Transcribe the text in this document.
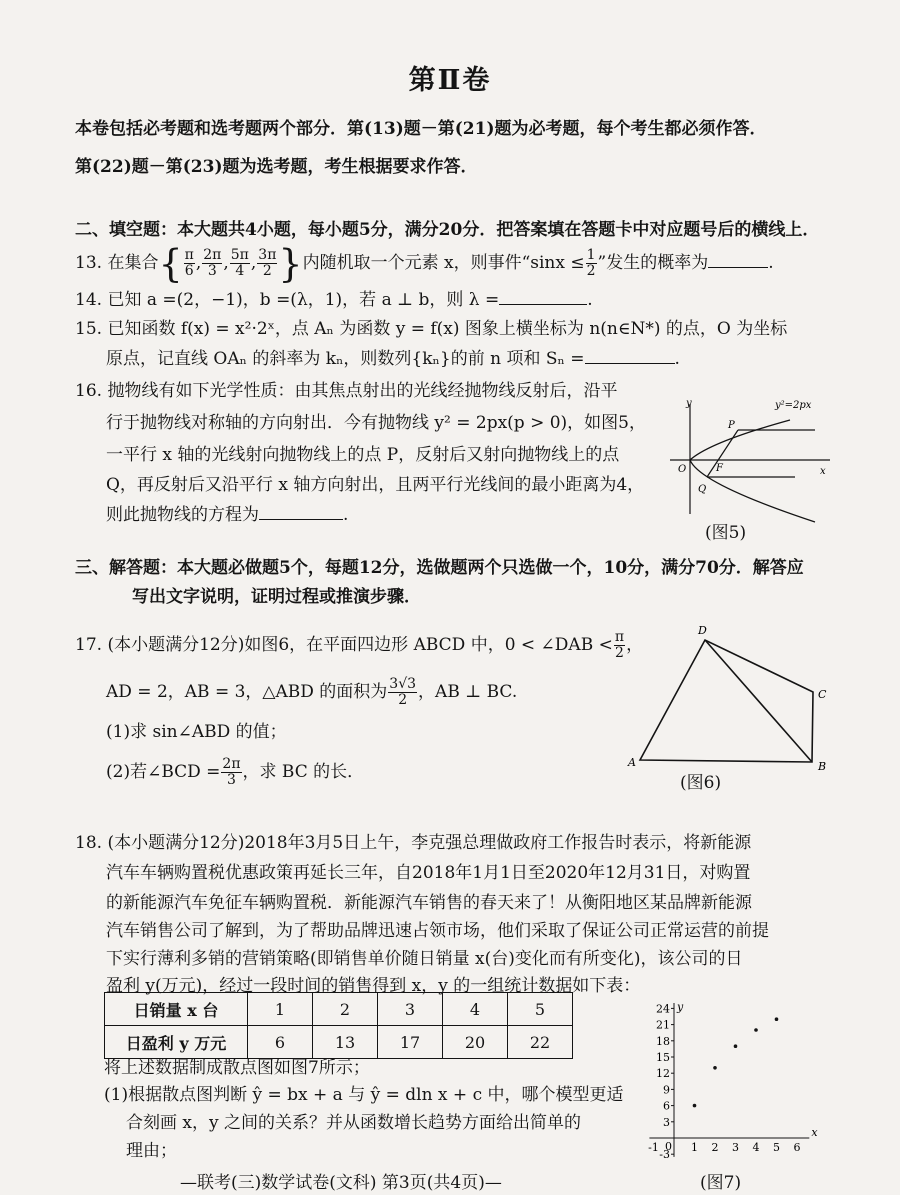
第Ⅱ卷
本卷包括必考题和选考题两个部分．第(13)题－第(21)题为必考题，每个考生都必须作答．
第(22)题－第(23)题为选考题，考生根据要求作答．
二、填空题：本大题共4小题，每小题5分，满分20分．把答案填在答题卡中对应题号后的横线上．
13. 在集合{ $\frac{\pi}{6}$ , $\frac{2\pi}{3}$ , $\frac{5\pi}{4}$ , $\frac{3\pi}{2}$ }内随机取一个元素 x，则事件“$\sin x \le \frac{1}{2}$ ”发生的概率为	.
14. 已知 a =(2，−1)，b =(λ，1)，若 a ⊥ b，则 λ =	.
15. 已知函数 f(x) = x²·2ˣ，点 Aₙ 为函数 y = f(x) 图象上横坐标为 n(n∈N*) 的点，O 为坐标
原点，记直线 OAₙ 的斜率为 kₙ，则数列{kₙ}的前 n 项和 Sₙ =	.
16. 抛物线有如下光学性质：由其焦点射出的光线经抛物线反射后，沿平
行于抛物线对称轴的方向射出．今有抛物线 y² = 2px(p > 0)，如图5，
一平行 x 轴的光线射向抛物线上的点 P，反射后又射向抛物线上的点
Q，再反射后又沿平行 x 轴方向射出，且两平行光线间的最小距离为4，
则此抛物线的方程为	.
y
x
O
P
F
Q
y²=2px
(图5)
三、解答题：本大题必做题5个，每题12分，选做题两个只选做一个，10分，满分70分．解答应
写出文字说明，证明过程或推演步骤．
17. (本小题满分12分)如图6，在平面四边形 ABCD 中，0 < ∠DAB < $\frac{\pi}{2}$ ，
AD = 2，AB = 3，△ABD 的面积为 $\frac{3√3}{2}$ ，AB ⊥ BC.
(1)求 sin∠ABD 的值；
(2)若∠BCD = $\frac{2\pi}{3}$ ，求 BC 的长．	A	B
C
D
(图6)
18. (本小题满分12分)2018年3月5日上午，李克强总理做政府工作报告时表示，将新能源
汽车车辆购置税优惠政策再延长三年，自2018年1月1日至2020年12月31日，对购置
的新能源汽车免征车辆购置税．新能源汽车销售的春天来了！从衡阳地区某品牌新能源
汽车销售公司了解到，为了帮助品牌迅速占领市场，他们采取了保证公司正常运营的前提
下实行薄利多销的营销策略(即销售单价随日销量 x(台)变化而有所变化)，该公司的日
盈利 y(万元)，经过一段时间的销售得到 x，y 的一组统计数据如下表：
日销量 x 台	1	2	3	4	5
日盈利 y 万元	6	13	17	20	22
将上述数据制成散点图如图7所示；
(1)根据散点图判断 ŷ = bx + a 与 ŷ = dln x + c 中，哪个模型更适
合刻画 x，y 之间的关系？并从函数增长趋势方面给出简单的
理由；
24
21
18
15
12
9
6
3
-3
-1 0 1 2 3 4 5 6
x
y
(图7)
—联考(三)数学试卷(文科) 第3页(共4页)—
